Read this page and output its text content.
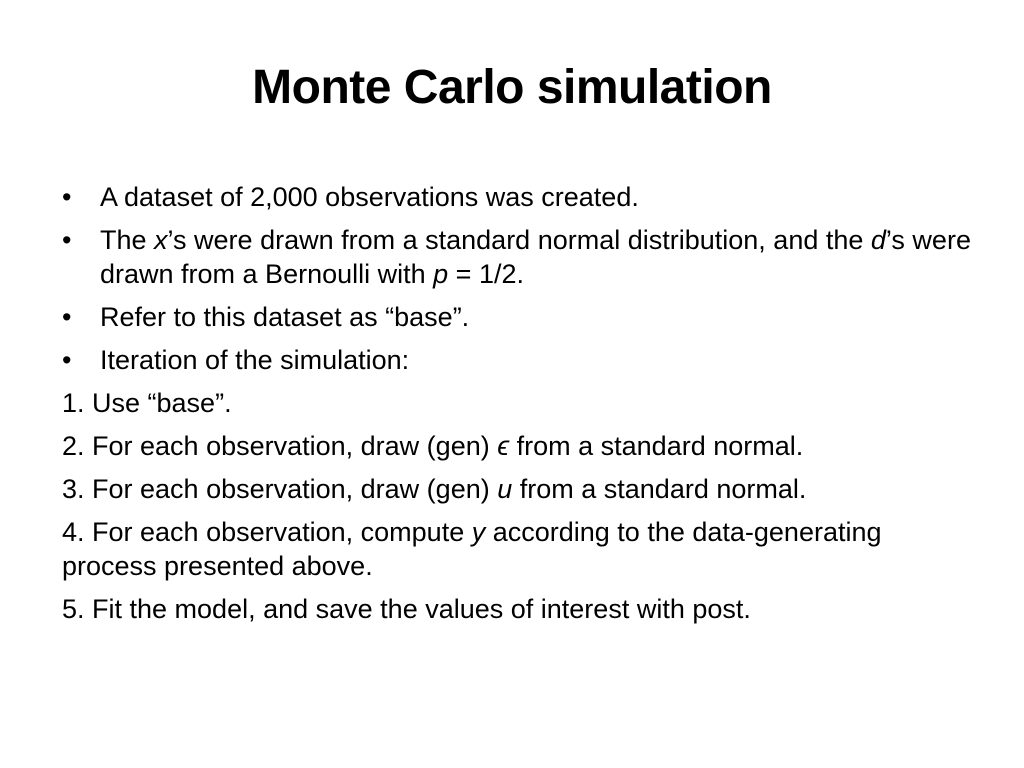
Monte Carlo simulation
•	A dataset of 2,000 observations was created.
•	The x’s were drawn from a standard normal distribution, and the d’s were drawn from a Bernoulli with p = 1/2.
•	Refer to this dataset as “base”.
•	Iteration of the simulation:
1. Use “base”.
2. For each observation, draw (gen) ϵ from a standard normal.
3. For each observation, draw (gen) u from a standard normal.
4. For each observation, compute y according to the data-generating process presented above.
5. Fit the model, and save the values of interest with post.
